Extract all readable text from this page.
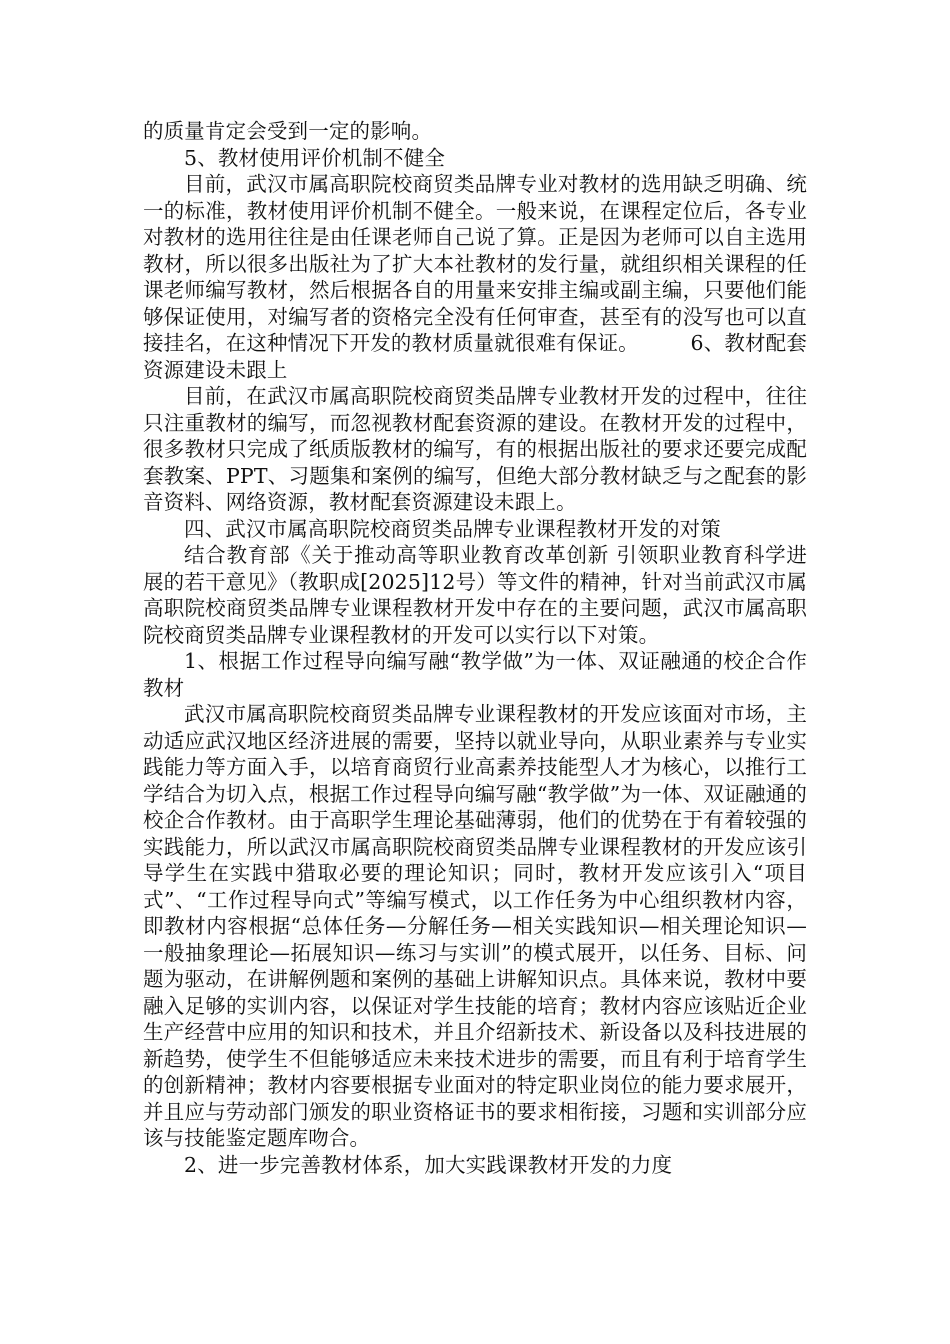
的质量肯定会受到一定的影响。

5、教材使用评价机制不健全

目前，武汉市属高职院校商贸类品牌专业对教材的选用缺乏明确、统一的标准，教材使用评价机制不健全。一般来说，在课程定位后，各专业对教材的选用往往是由任课老师自己说了算。正是因为老师可以自主选用教材，所以很多出版社为了扩大本社教材的发行量，就组织相关课程的任课老师编写教材，然后根据各自的用量来安排主编或副主编，只要他们能够保证使用，对编写者的资格完全没有任何审查，甚至有的没写也可以直接挂名，在这种情况下开发的教材质量就很难有保证。　　　6、教材配套资源建设未跟上

目前，在武汉市属高职院校商贸类品牌专业教材开发的过程中，往往只注重教材的编写，而忽视教材配套资源的建设。在教材开发的过程中，很多教材只完成了纸质版教材的编写，有的根据出版社的要求还要完成配套教案、PPT、习题集和案例的编写，但绝大部分教材缺乏与之配套的影音资料、网络资源，教材配套资源建设未跟上。

四、武汉市属高职院校商贸类品牌专业课程教材开发的对策

结合教育部《关于推动高等职业教育改革创新 引领职业教育科学进展的若干意见》（教职成[2025]12号）等文件的精神，针对当前武汉市属高职院校商贸类品牌专业课程教材开发中存在的主要问题，武汉市属高职院校商贸类品牌专业课程教材的开发可以实行以下对策。

1、根据工作过程导向编写融“教学做”为一体、双证融通的校企合作教材

武汉市属高职院校商贸类品牌专业课程教材的开发应该面对市场，主动适应武汉地区经济进展的需要，坚持以就业导向，从职业素养与专业实践能力等方面入手，以培育商贸行业高素养技能型人才为核心，以推行工学结合为切入点，根据工作过程导向编写融“教学做”为一体、双证融通的校企合作教材。由于高职学生理论基础薄弱，他们的优势在于有着较强的实践能力，所以武汉市属高职院校商贸类品牌专业课程教材的开发应该引导学生在实践中猎取必要的理论知识；同时，教材开发应该引入“项目式”、“工作过程导向式”等编写模式，以工作任务为中心组织教材内容，即教材内容根据“总体任务—分解任务—相关实践知识—相关理论知识—一般抽象理论—拓展知识—练习与实训”的模式展开，以任务、目标、问题为驱动，在讲解例题和案例的基础上讲解知识点。具体来说，教材中要融入足够的实训内容，以保证对学生技能的培育；教材内容应该贴近企业生产经营中应用的知识和技术，并且介绍新技术、新设备以及科技进展的新趋势，使学生不但能够适应未来技术进步的需要，而且有利于培育学生的创新精神；教材内容要根据专业面对的特定职业岗位的能力要求展开，并且应与劳动部门颁发的职业资格证书的要求相衔接，习题和实训部分应该与技能鉴定题库吻合。

2、进一步完善教材体系，加大实践课教材开发的力度
